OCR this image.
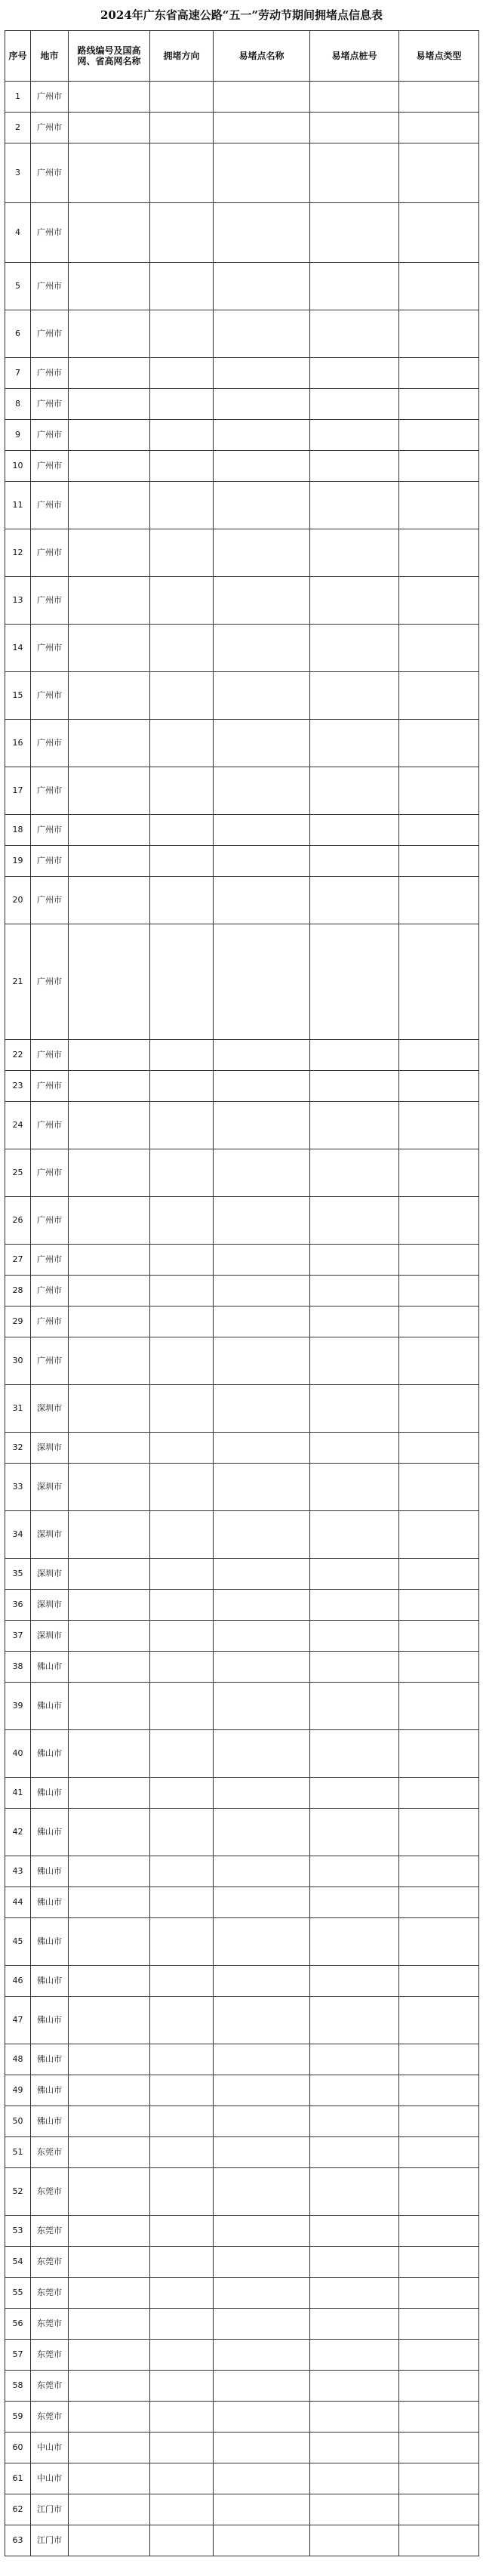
2024年广东省高速公路“五一”劳动节期间拥堵点信息表
序号	地市	路线编号及国高网、省高网名称	拥堵方向	易堵点名称	易堵点桩号	易堵点类型
1	广州市					
2	广州市					
3	广州市					
4	广州市					
5	广州市					
6	广州市					
7	广州市					
8	广州市					
9	广州市					
10	广州市					
11	广州市					
12	广州市					
13	广州市					
14	广州市					
15	广州市					
16	广州市					
17	广州市					
18	广州市					
19	广州市					
20	广州市					
21	广州市					
22	广州市					
23	广州市					
24	广州市					
25	广州市					
26	广州市					
27	广州市					
28	广州市					
29	广州市					
30	广州市					
31	深圳市					
32	深圳市					
33	深圳市					
34	深圳市					
35	深圳市					
36	深圳市					
37	深圳市					
38	佛山市					
39	佛山市					
40	佛山市					
41	佛山市					
42	佛山市					
43	佛山市					
44	佛山市					
45	佛山市					
46	佛山市					
47	佛山市					
48	佛山市					
49	佛山市					
50	佛山市					
51	东莞市					
52	东莞市					
53	东莞市					
54	东莞市					
55	东莞市					
56	东莞市					
57	东莞市					
58	东莞市					
59	东莞市					
60	中山市					
61	中山市					
62	江门市					
63	江门市					
